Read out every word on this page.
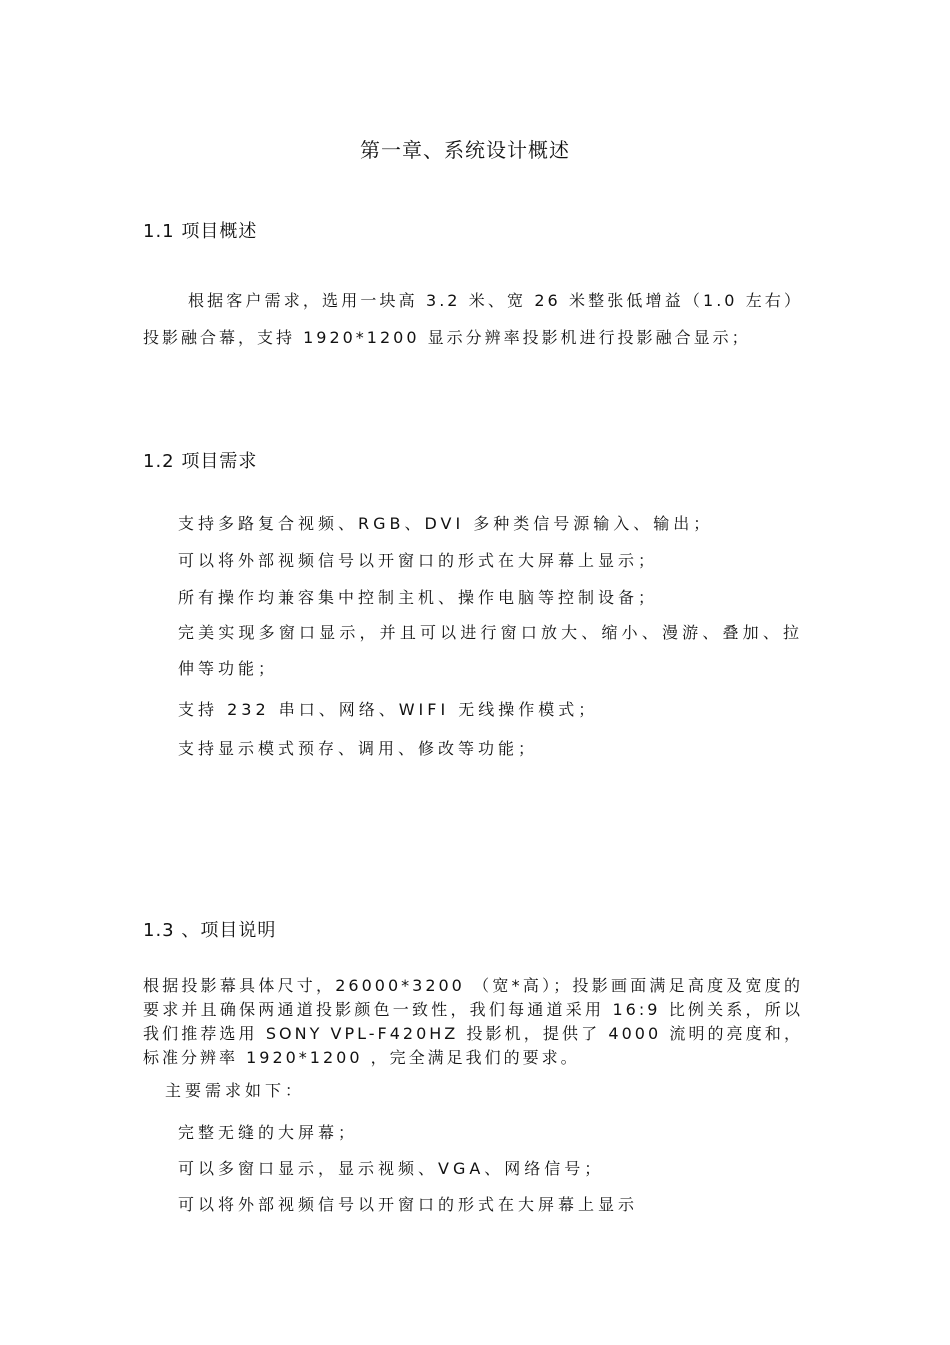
第一章、系统设计概述
1.1 项目概述
根据客户需求，选用一块高 3.2 米、宽 26 米整张低增益（1.0 左右）投影融合幕，支持 1920*1200 显示分辨率投影机进行投影融合显示；
1.2 项目需求
支持多路复合视频、RGB、DVI 多种类信号源输入、输出；
可以将外部视频信号以开窗口的形式在大屏幕上显示；
所有操作均兼容集中控制主机、操作电脑等控制设备；
完美实现多窗口显示，并且可以进行窗口放大、缩小、漫游、叠加、拉伸等功能；
支持 232 串口、网络、WIFI 无线操作模式；
支持显示模式预存、调用、修改等功能；
1.3 、项目说明
根据投影幕具体尺寸，26000*3200 （宽*高）；投影画面满足高度及宽度的要求并且确保两通道投影颜色一致性，我们每通道采用 16:9 比例关系，所以我们推荐选用 SONY VPL-F420HZ 投影机，提供了 4000 流明的亮度和，标准分辨率 1920*1200 ，完全满足我们的要求。
主要需求如下：
完整无缝的大屏幕；
可以多窗口显示，显示视频、VGA、网络信号；
可以将外部视频信号以开窗口的形式在大屏幕上显示
